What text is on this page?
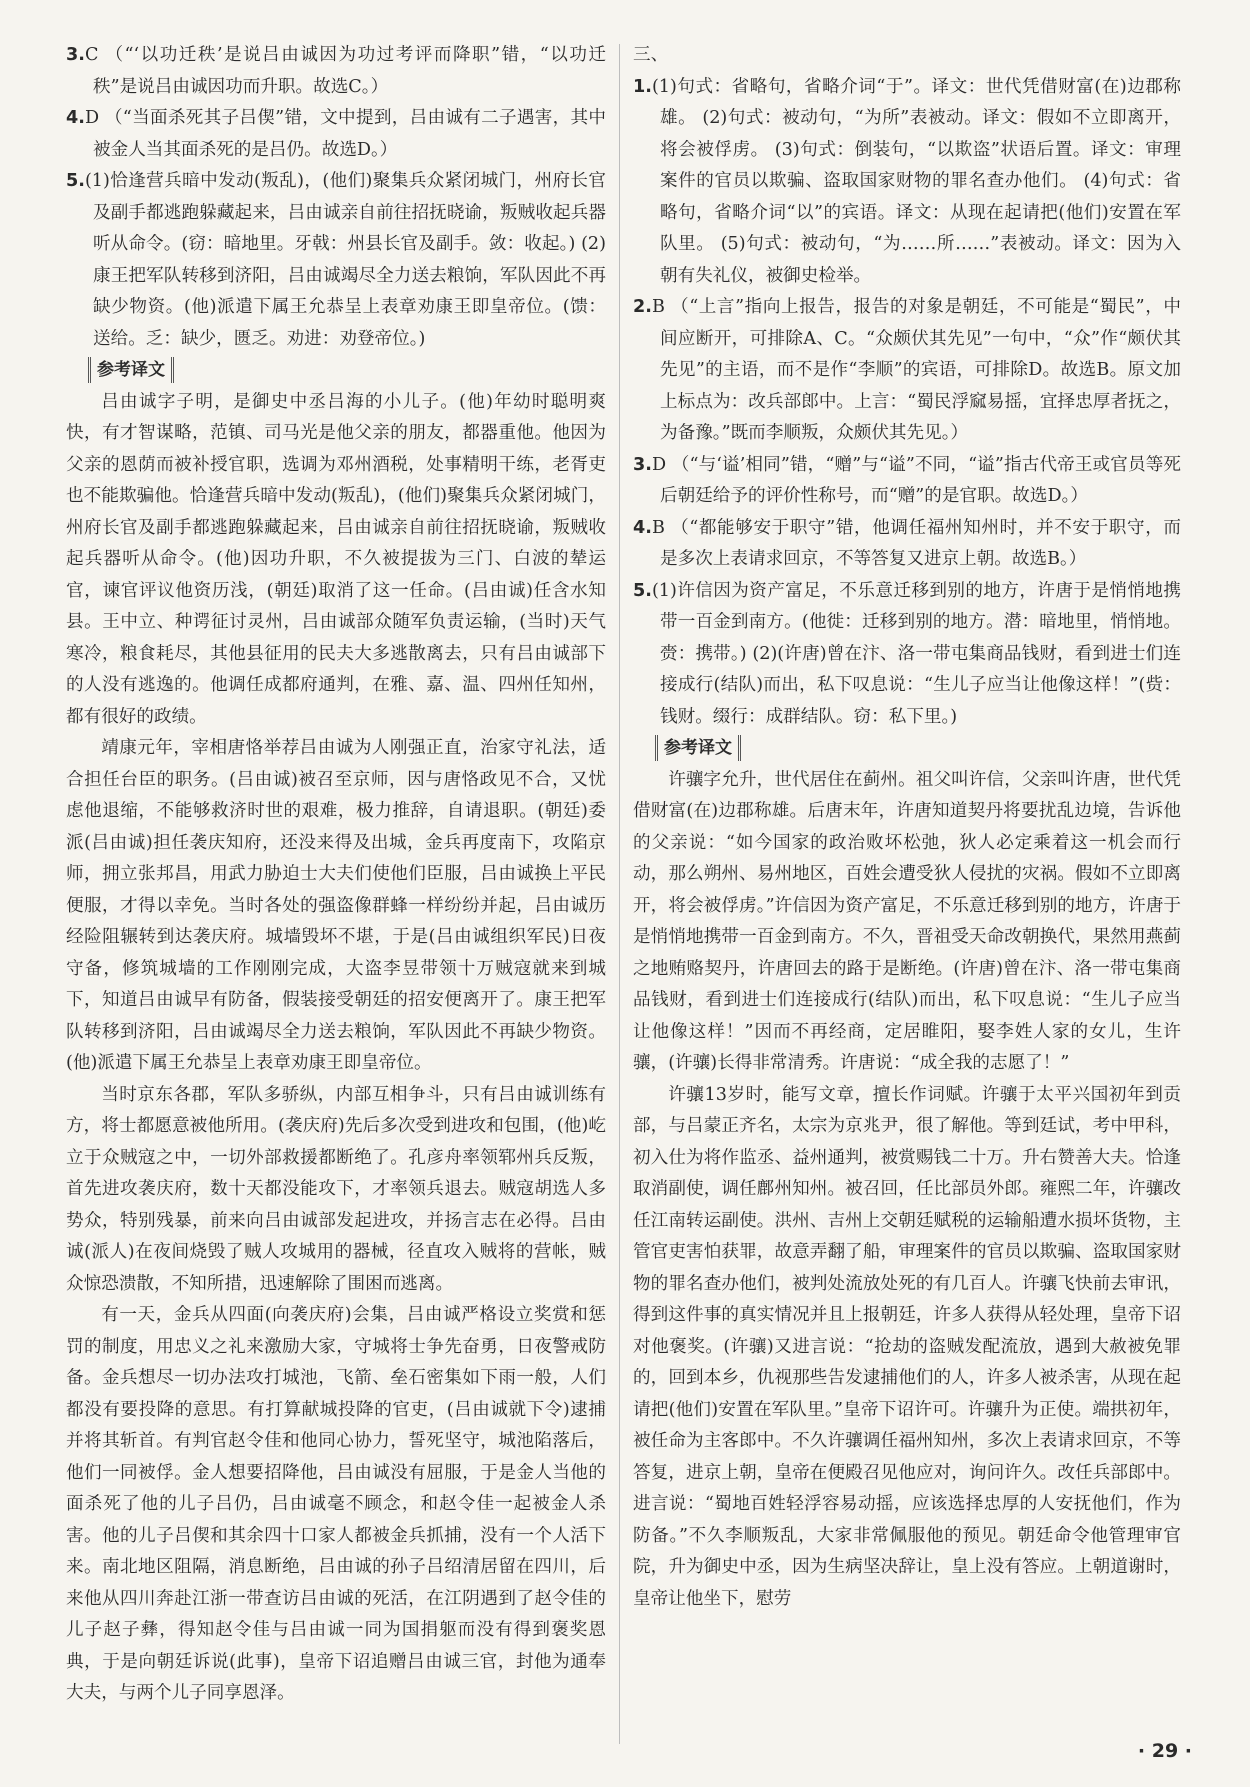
3.C （“‘以功迁秩’是说吕由诚因为功过考评而降职”错，“以功迁秩”是说吕由诚因功而升职。故选C。）

4.D （“当面杀死其子吕偰”错，文中提到，吕由诚有二子遇害，其中被金人当其面杀死的是吕仍。故选D。）

5.(1)恰逢营兵暗中发动(叛乱)，(他们)聚集兵众紧闭城门，州府长官及副手都逃跑躲藏起来，吕由诚亲自前往招抚晓谕，叛贼收起兵器听从命令。(窃：暗地里。牙戟：州县长官及副手。敛：收起。) (2)康王把军队转移到济阳，吕由诚竭尽全力送去粮饷，军队因此不再缺少物资。(他)派遣下属王允恭呈上表章劝康王即皇帝位。(馈：送给。乏：缺少，匮乏。劝进：劝登帝位。)

参考译文

吕由诚字子明，是御史中丞吕海的小儿子。(他)年幼时聪明爽快，有才智谋略，范镇、司马光是他父亲的朋友，都器重他。他因为父亲的恩荫而被补授官职，选调为邓州酒税，处事精明干练，老胥吏也不能欺骗他。恰逢营兵暗中发动(叛乱)，(他们)聚集兵众紧闭城门，州府长官及副手都逃跑躲藏起来，吕由诚亲自前往招抚晓谕，叛贼收起兵器听从命令。(他)因功升职，不久被提拔为三门、白波的辇运官，谏官评议他资历浅，(朝廷)取消了这一任命。(吕由诚)任含水知县。王中立、种谔征讨灵州，吕由诚部众随军负责运输，(当时)天气寒冷，粮食耗尽，其他县征用的民夫大多逃散离去，只有吕由诚部下的人没有逃逸的。他调任成都府通判，在雅、嘉、温、四州任知州，都有很好的政绩。

靖康元年，宰相唐恪举荐吕由诚为人刚强正直，治家守礼法，适合担任台臣的职务。(吕由诚)被召至京师，因与唐恪政见不合，又忧虑他退缩，不能够救济时世的艰难，极力推辞，自请退职。(朝廷)委派(吕由诚)担任袭庆知府，还没来得及出城，金兵再度南下，攻陷京师，拥立张邦昌，用武力胁迫士大夫们使他们臣服，吕由诚换上平民便服，才得以幸免。当时各处的强盗像群蜂一样纷纷并起，吕由诚历经险阻辗转到达袭庆府。城墙毁坏不堪，于是(吕由诚组织军民)日夜守备，修筑城墙的工作刚刚完成，大盗李昱带领十万贼寇就来到城下，知道吕由诚早有防备，假装接受朝廷的招安便离开了。康王把军队转移到济阳，吕由诚竭尽全力送去粮饷，军队因此不再缺少物资。(他)派遣下属王允恭呈上表章劝康王即皇帝位。

当时京东各郡，军队多骄纵，内部互相争斗，只有吕由诚训练有方，将士都愿意被他所用。(袭庆府)先后多次受到进攻和包围，(他)屹立于众贼寇之中，一切外部救援都断绝了。孔彦舟率领郓州兵反叛，首先进攻袭庆府，数十天都没能攻下，才率领兵退去。贼寇胡选人多势众，特别残暴，前来向吕由诚部发起进攻，并扬言志在必得。吕由诚(派人)在夜间烧毁了贼人攻城用的器械，径直攻入贼将的营帐，贼众惊恐溃散，不知所措，迅速解除了围困而逃离。

有一天，金兵从四面(向袭庆府)会集，吕由诚严格设立奖赏和惩罚的制度，用忠义之礼来激励大家，守城将士争先奋勇，日夜警戒防备。金兵想尽一切办法攻打城池，飞箭、垒石密集如下雨一般，人们都没有要投降的意思。有打算献城投降的官吏，(吕由诚就下令)逮捕并将其斩首。有判官赵令佳和他同心协力，誓死坚守，城池陷落后，他们一同被俘。金人想要招降他，吕由诚没有屈服，于是金人当他的面杀死了他的儿子吕仍，吕由诚毫不顾念，和赵令佳一起被金人杀害。他的儿子吕偰和其余四十口家人都被金兵抓捕，没有一个人活下来。南北地区阻隔，消息断绝，吕由诚的孙子吕绍清居留在四川，后来他从四川奔赴江浙一带查访吕由诚的死活，在江阴遇到了赵令佳的儿子赵子彝，得知赵令佳与吕由诚一同为国捐躯而没有得到褒奖恩典，于是向朝廷诉说(此事)，皇帝下诏追赠吕由诚三官，封他为通奉大夫，与两个儿子同享恩泽。

三、

1.(1)句式：省略句，省略介词“于”。译文：世代凭借财富(在)边郡称雄。 (2)句式：被动句，“为所”表被动。译文：假如不立即离开，将会被俘虏。 (3)句式：倒装句，“以欺盗”状语后置。译文：审理案件的官员以欺骗、盗取国家财物的罪名查办他们。 (4)句式：省略句，省略介词“以”的宾语。译文：从现在起请把(他们)安置在军队里。 (5)句式：被动句，“为……所……”表被动。译文：因为入朝有失礼仪，被御史检举。

2.B （“上言”指向上报告，报告的对象是朝廷，不可能是“蜀民”，中间应断开，可排除A、C。“众颇伏其先见”一句中，“众”作“颇伏其先见”的主语，而不是作“李顺”的宾语，可排除D。故选B。原文加上标点为：改兵部郎中。上言：“蜀民浮窳易摇，宜择忠厚者抚之，为备豫。”既而李顺叛，众颇伏其先见。）

3.D （“与‘谥’相同”错，“赠”与“谥”不同，“谥”指古代帝王或官员等死后朝廷给予的评价性称号，而“赠”的是官职。故选D。）

4.B （“都能够安于职守”错，他调任福州知州时，并不安于职守，而是多次上表请求回京，不等答复又进京上朝。故选B。）

5.(1)许信因为资产富足，不乐意迁移到别的地方，许唐于是悄悄地携带一百金到南方。(他徙：迁移到别的地方。潜：暗地里，悄悄地。赍：携带。) (2)(许唐)曾在汴、洛一带屯集商品钱财，看到进士们连接成行(结队)而出，私下叹息说：“生儿子应当让他像这样！”(赀：钱财。缀行：成群结队。窃：私下里。)

参考译文

许骧字允升，世代居住在蓟州。祖父叫许信，父亲叫许唐，世代凭借财富(在)边郡称雄。后唐末年，许唐知道契丹将要扰乱边境，告诉他的父亲说：“如今国家的政治败坏松弛，狄人必定乘着这一机会而行动，那么朔州、易州地区，百姓会遭受狄人侵扰的灾祸。假如不立即离开，将会被俘虏。”许信因为资产富足，不乐意迁移到别的地方，许唐于是悄悄地携带一百金到南方。不久，晋祖受天命改朝换代，果然用燕蓟之地贿赂契丹，许唐回去的路于是断绝。(许唐)曾在汴、洛一带屯集商品钱财，看到进士们连接成行(结队)而出，私下叹息说：“生儿子应当让他像这样！”因而不再经商，定居睢阳，娶李姓人家的女儿，生许骧，(许骧)长得非常清秀。许唐说：“成全我的志愿了！”

许骧13岁时，能写文章，擅长作词赋。许骧于太平兴国初年到贡部，与吕蒙正齐名，太宗为京兆尹，很了解他。等到廷试，考中甲科，初入仕为将作监丞、益州通判，被赏赐钱二十万。升右赞善大夫。恰逢取消副使，调任鄜州知州。被召回，任比部员外郎。雍熙二年，许骧改任江南转运副使。洪州、吉州上交朝廷赋税的运输船遭水损坏货物，主管官吏害怕获罪，故意弄翻了船，审理案件的官员以欺骗、盗取国家财物的罪名查办他们，被判处流放处死的有几百人。许骧飞快前去审讯，得到这件事的真实情况并且上报朝廷，许多人获得从轻处理，皇帝下诏对他褒奖。(许骧)又进言说：“抢劫的盗贼发配流放，遇到大赦被免罪的，回到本乡，仇视那些告发逮捕他们的人，许多人被杀害，从现在起请把(他们)安置在军队里。”皇帝下诏许可。许骧升为正使。端拱初年，被任命为主客郎中。不久许骧调任福州知州，多次上表请求回京，不等答复，进京上朝，皇帝在便殿召见他应对，询问许久。改任兵部郎中。进言说：“蜀地百姓轻浮容易动摇，应该选择忠厚的人安抚他们，作为防备。”不久李顺叛乱，大家非常佩服他的预见。朝廷命令他管理审官院，升为御史中丞，因为生病坚决辞让，皇上没有答应。上朝道谢时，皇帝让他坐下，慰劳

· 29 ·
